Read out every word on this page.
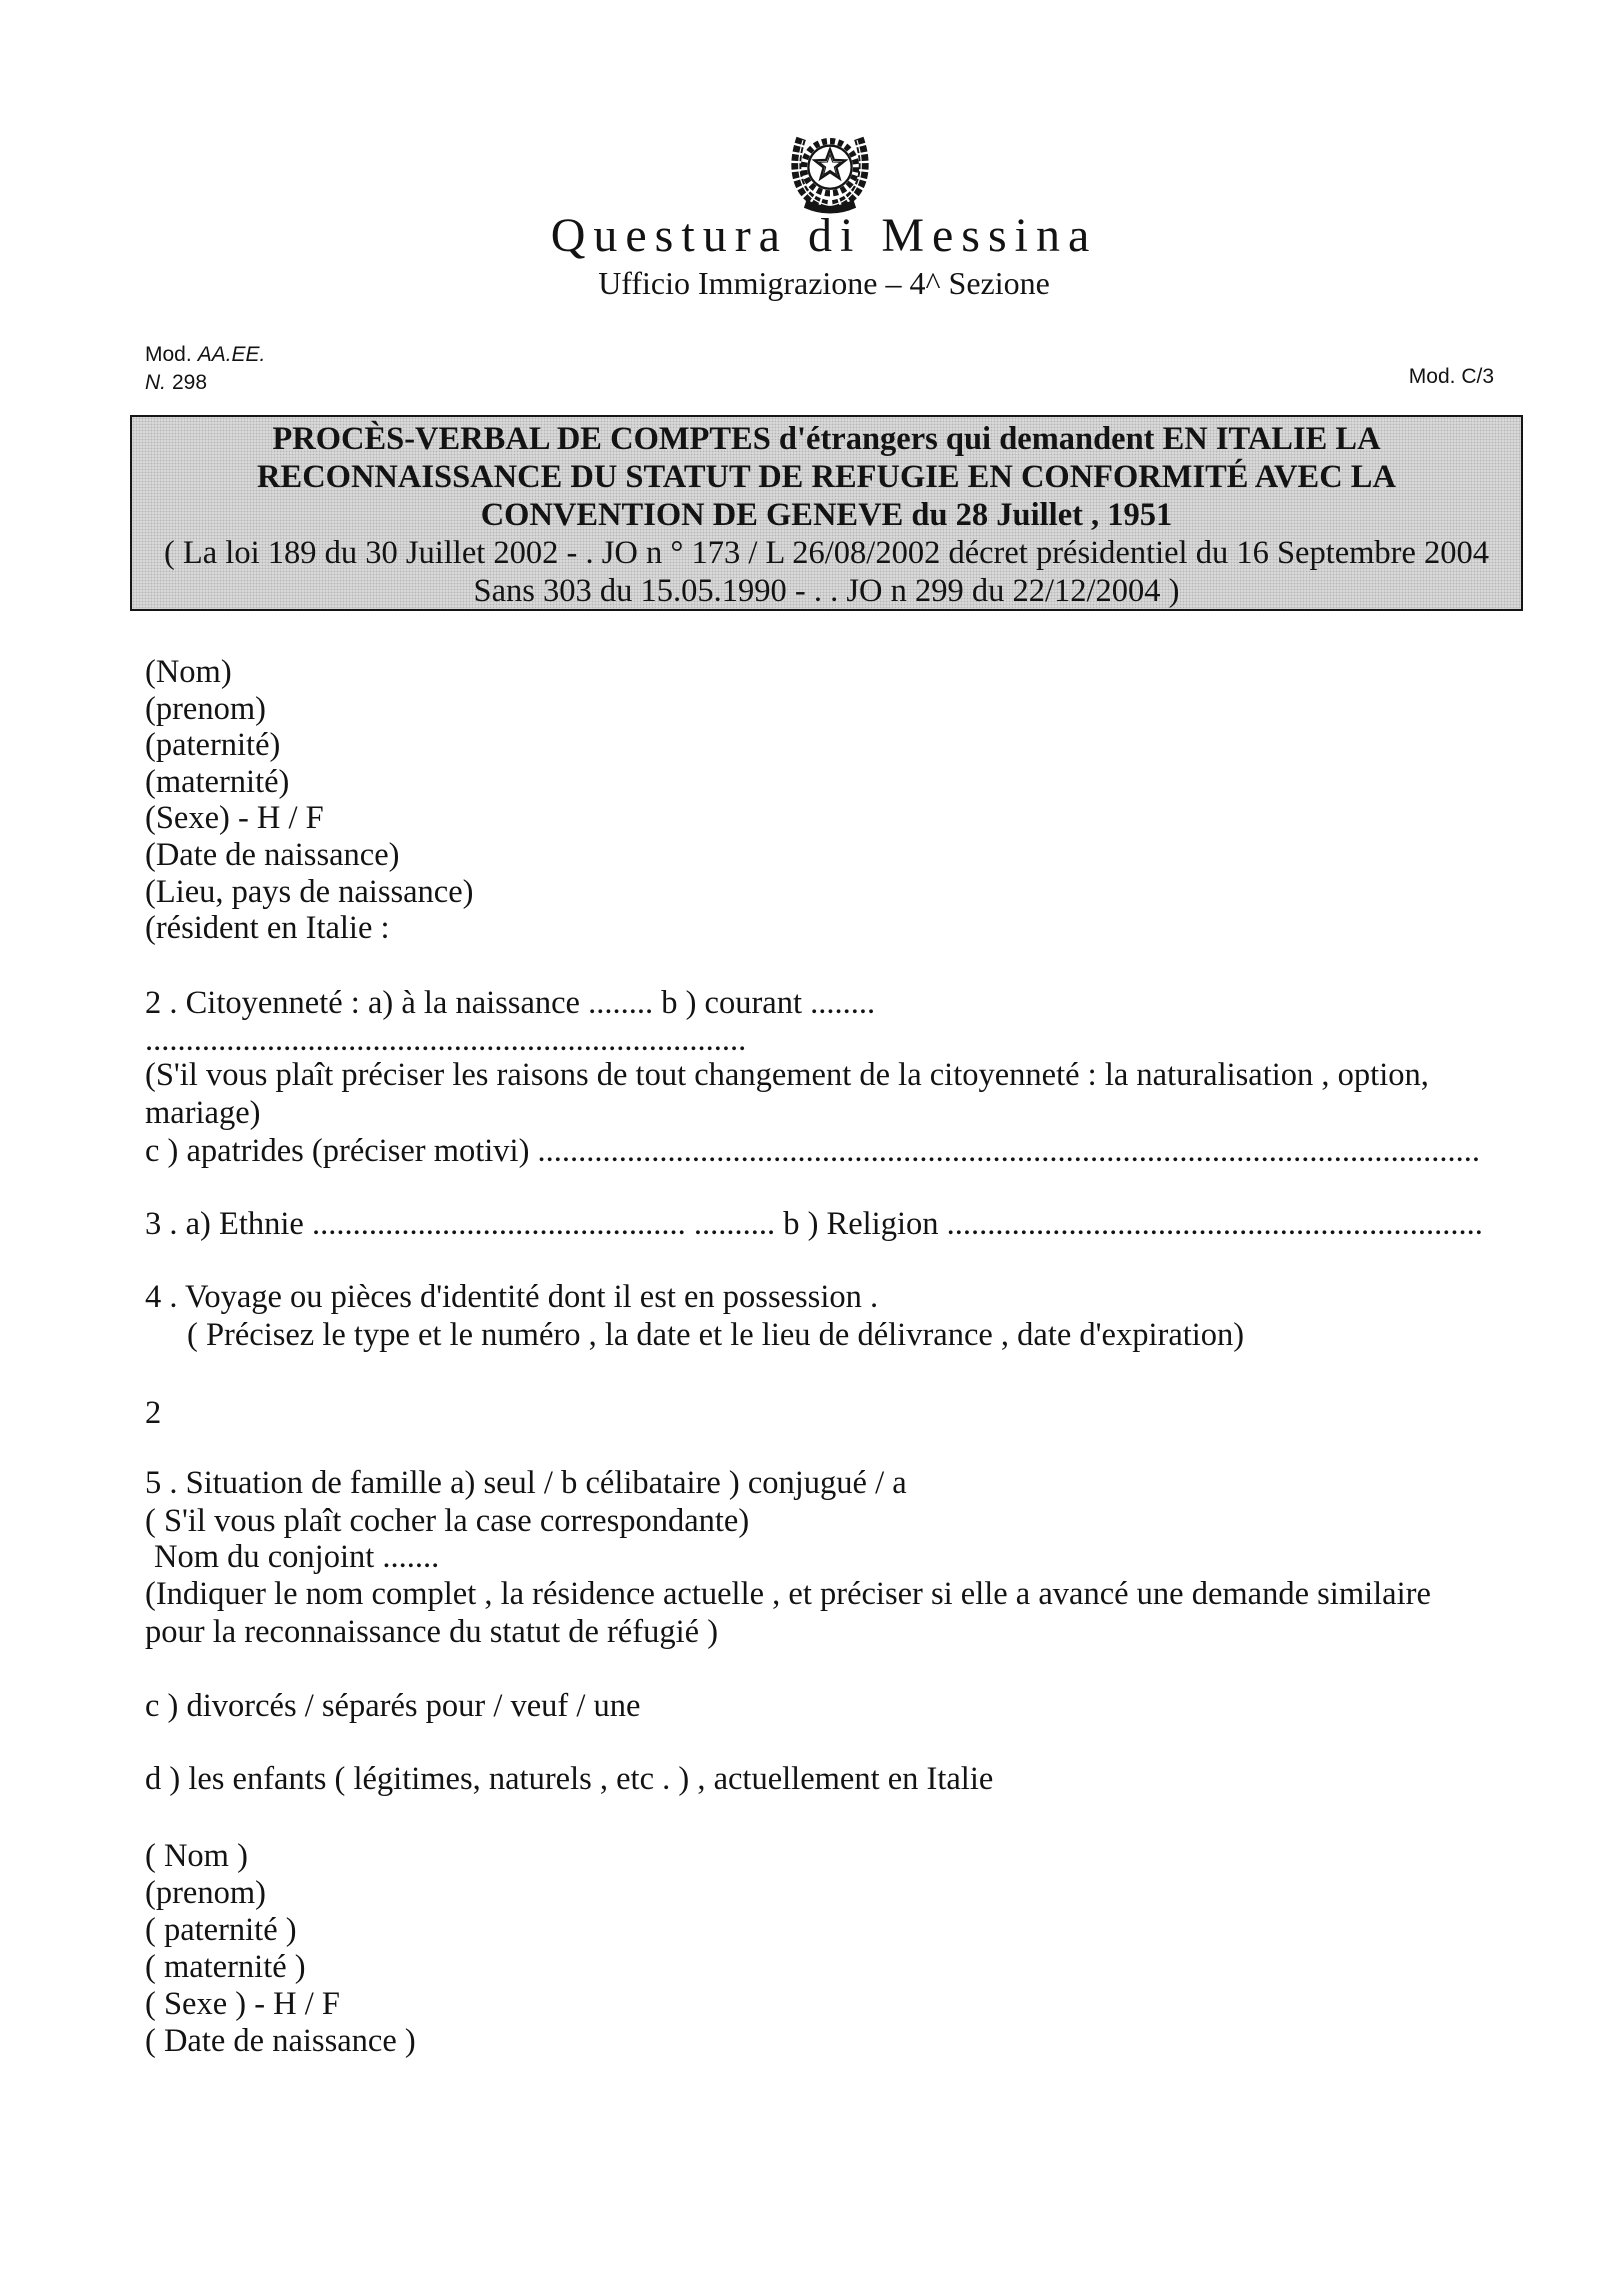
Questura di Messina
Ufficio Immigrazione – 4^ Sezione
Mod. AA.EE.
N. 298	Mod. C/3
PROCÈS-VERBAL DE COMPTES d'étrangers qui demandent EN ITALIE LA
RECONNAISSANCE DU STATUT DE REFUGIE EN CONFORMITÉ AVEC LA
CONVENTION DE GENEVE du 28 Juillet , 1951
( La loi 189 du 30 Juillet 2002 - . JO n ° 173 / L 26/08/2002 décret présidentiel du 16 Septembre 2004
Sans 303 du 15.05.1990 - . . JO n 299 du 22/12/2004 )
(Nom)
(prenom)
(paternité)
(maternité)
(Sexe) - H / F
(Date de naissance)
(Lieu, pays de naissance)
(résident en Italie :
2 . Citoyenneté : a) à la naissance ........ b ) courant ........
..........................................................................
(S'il vous plaît préciser les raisons de tout changement de la citoyenneté : la naturalisation , option,
mariage)
c ) apatrides (préciser motivi) ....................................................................................................................
3 . a) Ethnie .............................................. .......... b ) Religion ..................................................................
4 . Voyage ou pièces d'identité dont il est en possession .
( Précisez le type et le numéro , la date et le lieu de délivrance , date d'expiration)
2
5 . Situation de famille a) seul / b célibataire ) conjugué / a
( S'il vous plaît cocher la case correspondante)
Nom du conjoint .......
(Indiquer le nom complet , la résidence actuelle , et préciser si elle a avancé une demande similaire
pour la reconnaissance du statut de réfugié )
c ) divorcés / séparés pour / veuf / une
d ) les enfants ( légitimes, naturels , etc . ) , actuellement en Italie
( Nom )
(prenom)
( paternité )
( maternité )
( Sexe ) - H / F
( Date de naissance )
